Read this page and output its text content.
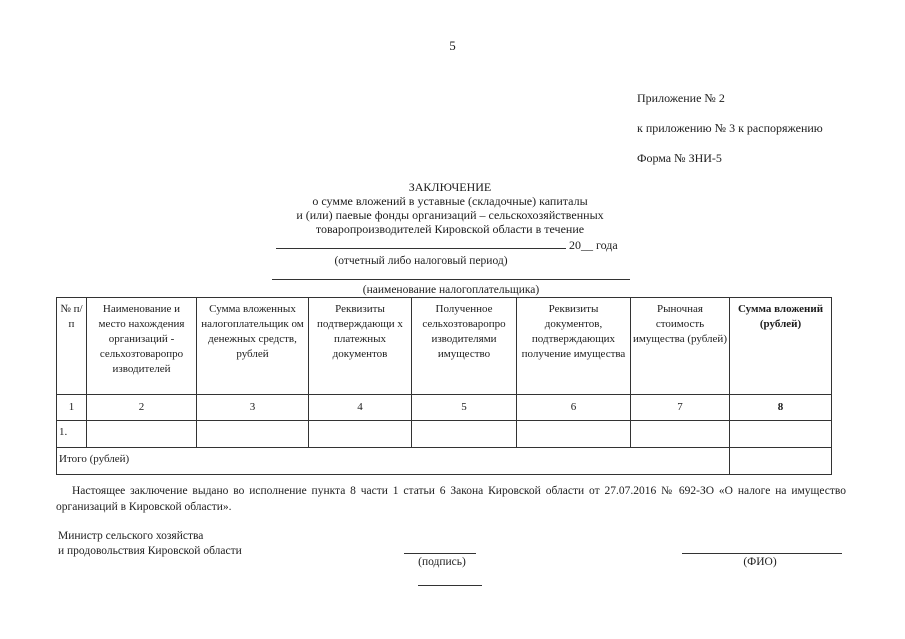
5
Приложение № 2
к приложению № 3 к распоряжению
Форма № ЗНИ-5
ЗАКЛЮЧЕНИЕ
о сумме вложений в уставные (складочные) капиталы
и (или) паевые фонды организаций – сельскохозяйственных
товаропроизводителей Кировской области в течение
20__ года
(отчетный либо налоговый период)
(наименование налогоплательщика)
№ п/п	Наименование и место нахождения организаций - сельхозтоваропро изводителей	Сумма вложенных налогоплательщик ом денежных средств, рублей	Реквизиты подтверждающи х платежных документов	Полученное сельхозтоваропро изводителями имущество	Реквизиты документов, подтверждающих получение имущества	Рыночная стоимость имущества (рублей)	Сумма вложений (рублей)
1	2	3	4	5	6	7	8
1.							
Итого (рублей)							
Настоящее заключение выдано во исполнение пункта 8 части 1 статьи 6 Закона Кировской области от 27.07.2016 № 692-ЗО «О налоге на имущество организаций в Кировской области».
Министр сельского хозяйства
и продовольствия Кировской области
(подпись)	(ФИО)
